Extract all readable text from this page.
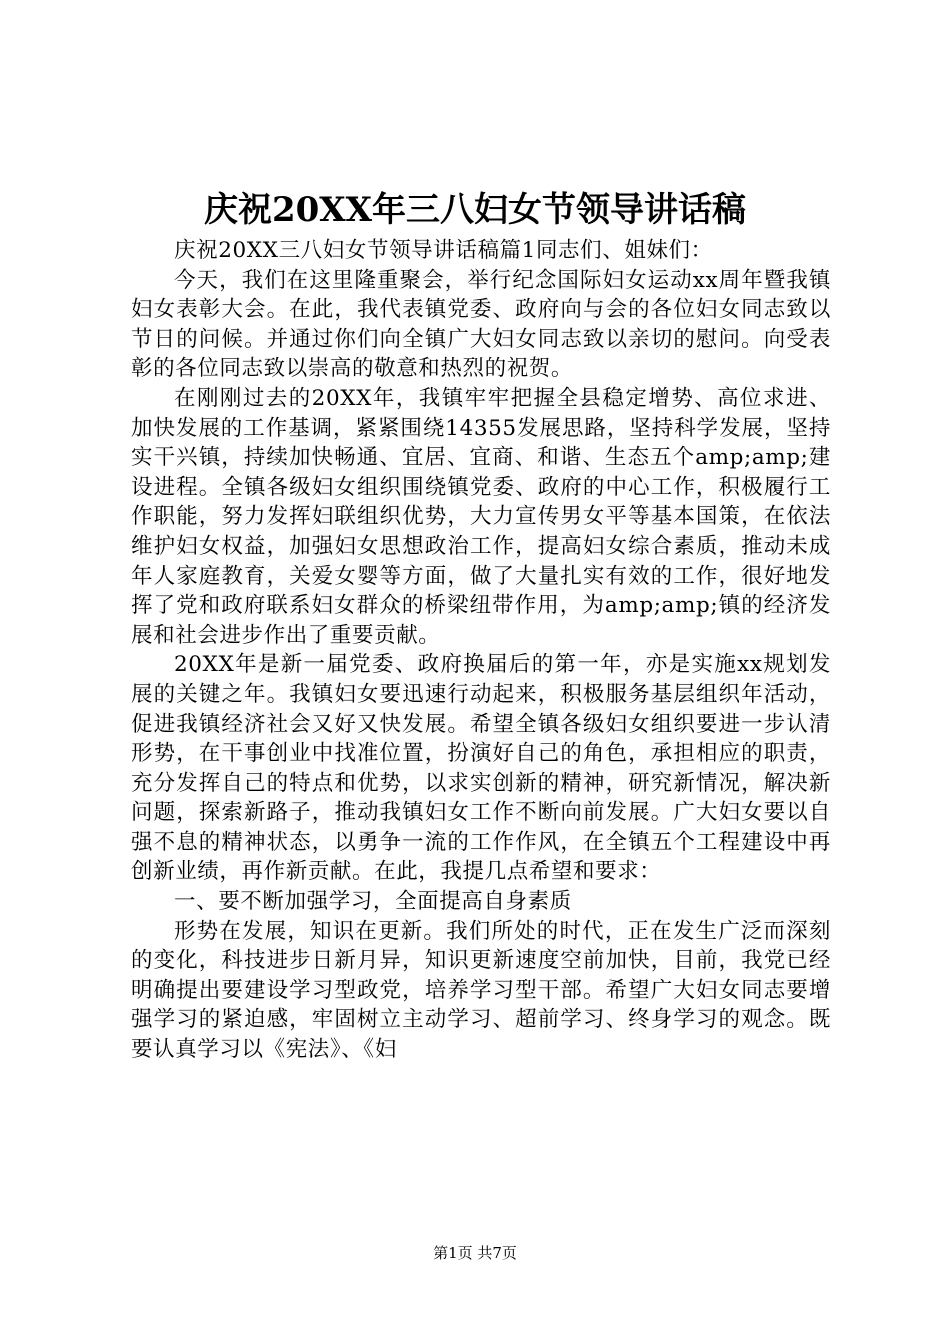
庆祝20XX年三八妇女节领导讲话稿

庆祝20XX三八妇女节领导讲话稿篇1同志们、姐妹们：

今天，我们在这里隆重聚会，举行纪念国际妇女运动xx周年暨我镇妇女表彰大会。在此，我代表镇党委、政府向与会的各位妇女同志致以节日的问候。并通过你们向全镇广大妇女同志致以亲切的慰问。向受表彰的各位同志致以崇高的敬意和热烈的祝贺。

在刚刚过去的20XX年，我镇牢牢把握全县稳定增势、高位求进、加快发展的工作基调，紧紧围绕14355发展思路，坚持科学发展，坚持实干兴镇，持续加快畅通、宜居、宜商、和谐、生态五个amp;amp;建设进程。全镇各级妇女组织围绕镇党委、政府的中心工作，积极履行工作职能，努力发挥妇联组织优势，大力宣传男女平等基本国策，在依法维护妇女权益，加强妇女思想政治工作，提高妇女综合素质，推动未成年人家庭教育，关爱女婴等方面，做了大量扎实有效的工作，很好地发挥了党和政府联系妇女群众的桥梁纽带作用，为amp;amp;镇的经济发展和社会进步作出了重要贡献。

20XX年是新一届党委、政府换届后的第一年，亦是实施xx规划发展的关键之年。我镇妇女要迅速行动起来，积极服务基层组织年活动，促进我镇经济社会又好又快发展。希望全镇各级妇女组织要进一步认清形势，在干事创业中找准位置，扮演好自己的角色，承担相应的职责，充分发挥自己的特点和优势，以求实创新的精神，研究新情况，解决新问题，探索新路子，推动我镇妇女工作不断向前发展。广大妇女要以自强不息的精神状态，以勇争一流的工作作风，在全镇五个工程建设中再创新业绩，再作新贡献。在此，我提几点希望和要求：

一、要不断加强学习，全面提高自身素质

形势在发展，知识在更新。我们所处的时代，正在发生广泛而深刻的变化，科技进步日新月异，知识更新速度空前加快，目前，我党已经明确提出要建设学习型政党，培养学习型干部。希望广大妇女同志要增强学习的紧迫感，牢固树立主动学习、超前学习、终身学习的观念。既要认真学习以《宪法》、《妇

第1页 共7页
